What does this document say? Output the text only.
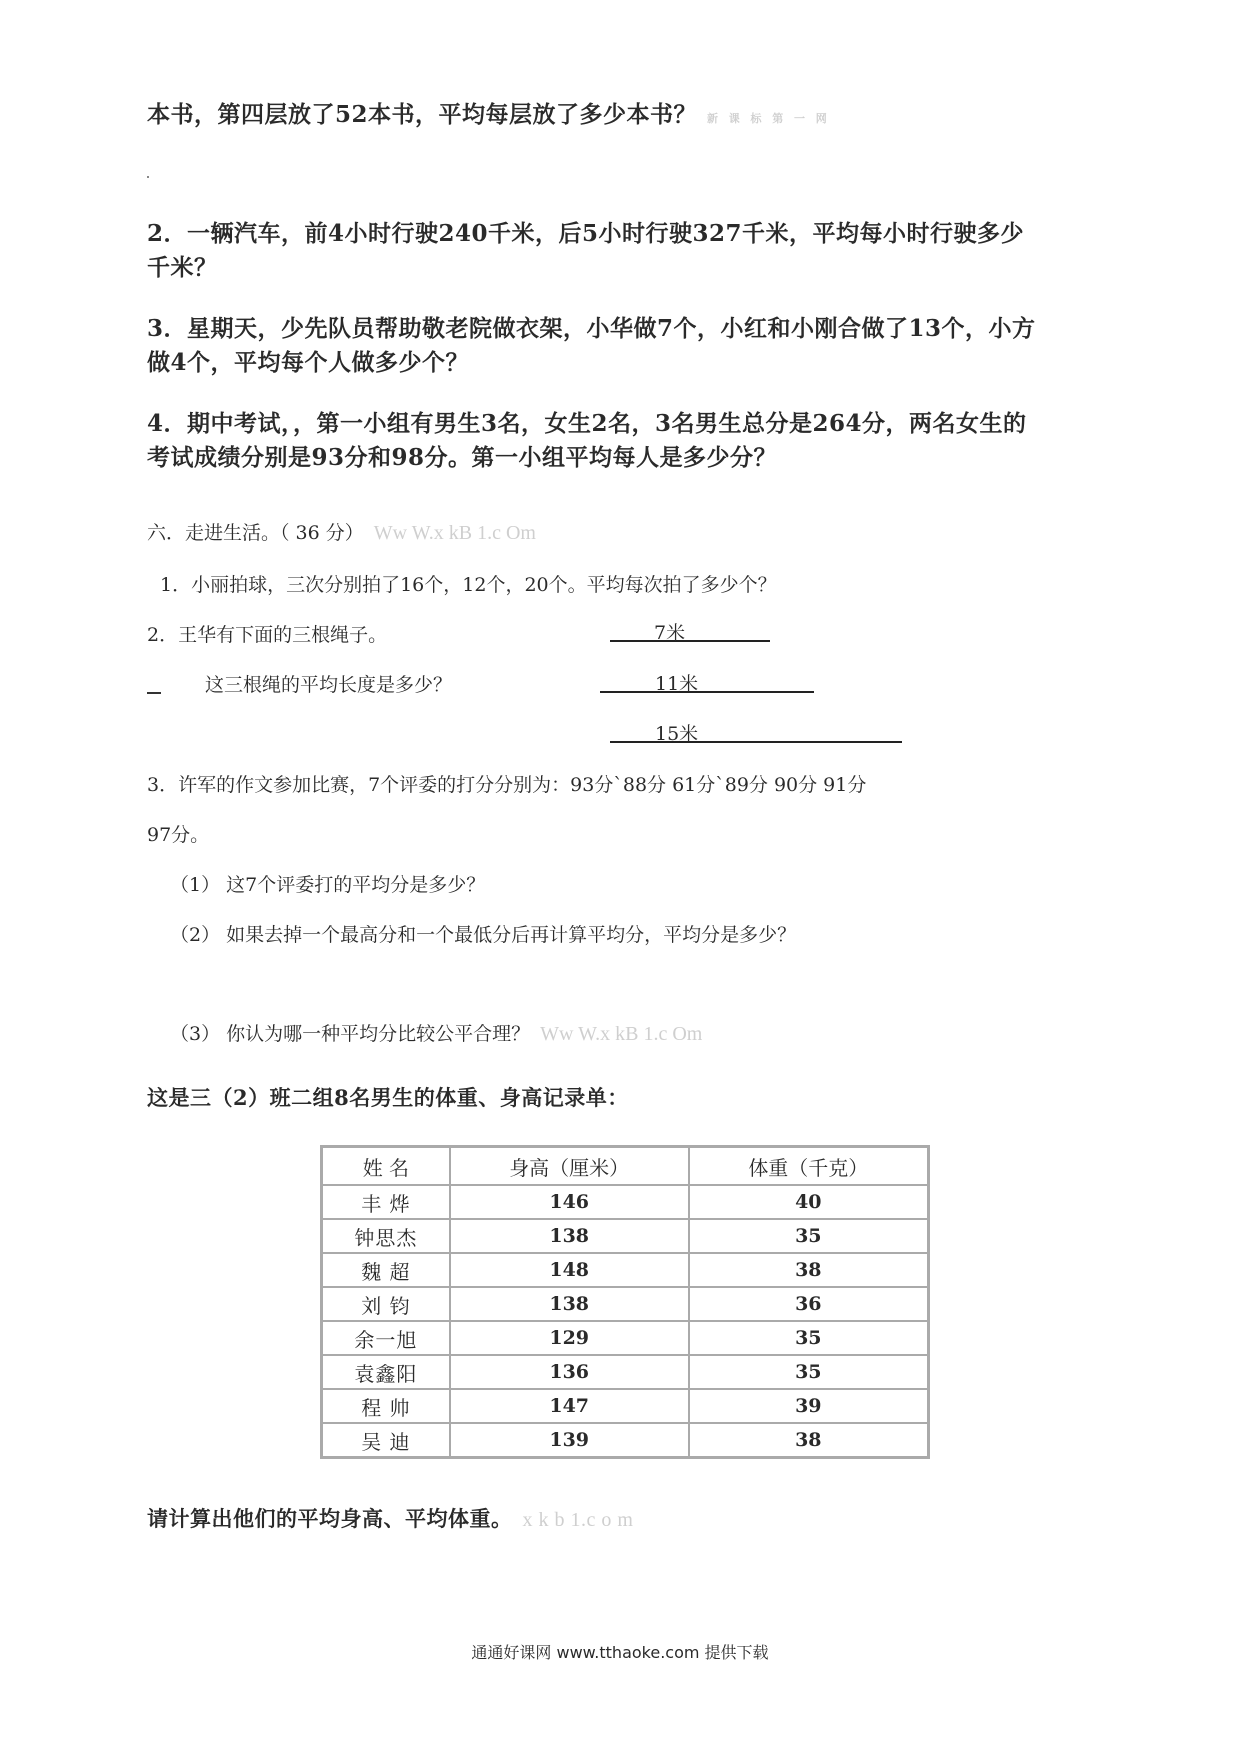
本书，第四层放了52本书，平均每层放了多少本书？ 新 课 标 第 一 网
2．一辆汽车，前4小时行驶240千米，后5小时行驶327千米，平均每小时行驶多少
千米？
3．星期天，少先队员帮助敬老院做衣架，小华做7个，小红和小刚合做了13个，小方
做4个，平均每个人做多少个？
4．期中考试，，第一小组有男生3名，女生2名，3名男生总分是264分，两名女生的
考试成绩分别是93分和98分。第一小组平均每人是多少分？
六．走进生活。（ 36 分） Ww W.x kB 1.c Om
1．小丽拍球，三次分别拍了16个，12个，20个。平均每次拍了多少个？
2．王华有下面的三根绳子。
这三根绳的平均长度是多少？
7米
11米
15米
3．许军的作文参加比赛，7个评委的打分分别为：93分`88分 61分`89分 90分 91分
97分。
（1） 这7个评委打的平均分是多少？
（2） 如果去掉一个最高分和一个最低分后再计算平均分，平均分是多少？
（3） 你认为哪一种平均分比较公平合理？ Ww W.x kB 1.c Om
这是三（2）班二组8名男生的体重、身高记录单：
姓 名	身高（厘米）	体重（千克）
丰 烨	146	40
钟思杰	138	35
魏 超	148	38
刘 钧	138	36
余一旭	129	35
袁鑫阳	136	35
程 帅	147	39
吴 迪	139	38
请计算出他们的平均身高、平均体重。 x k b 1.c o m
通通好课网 www.tthaoke.com 提供下载
